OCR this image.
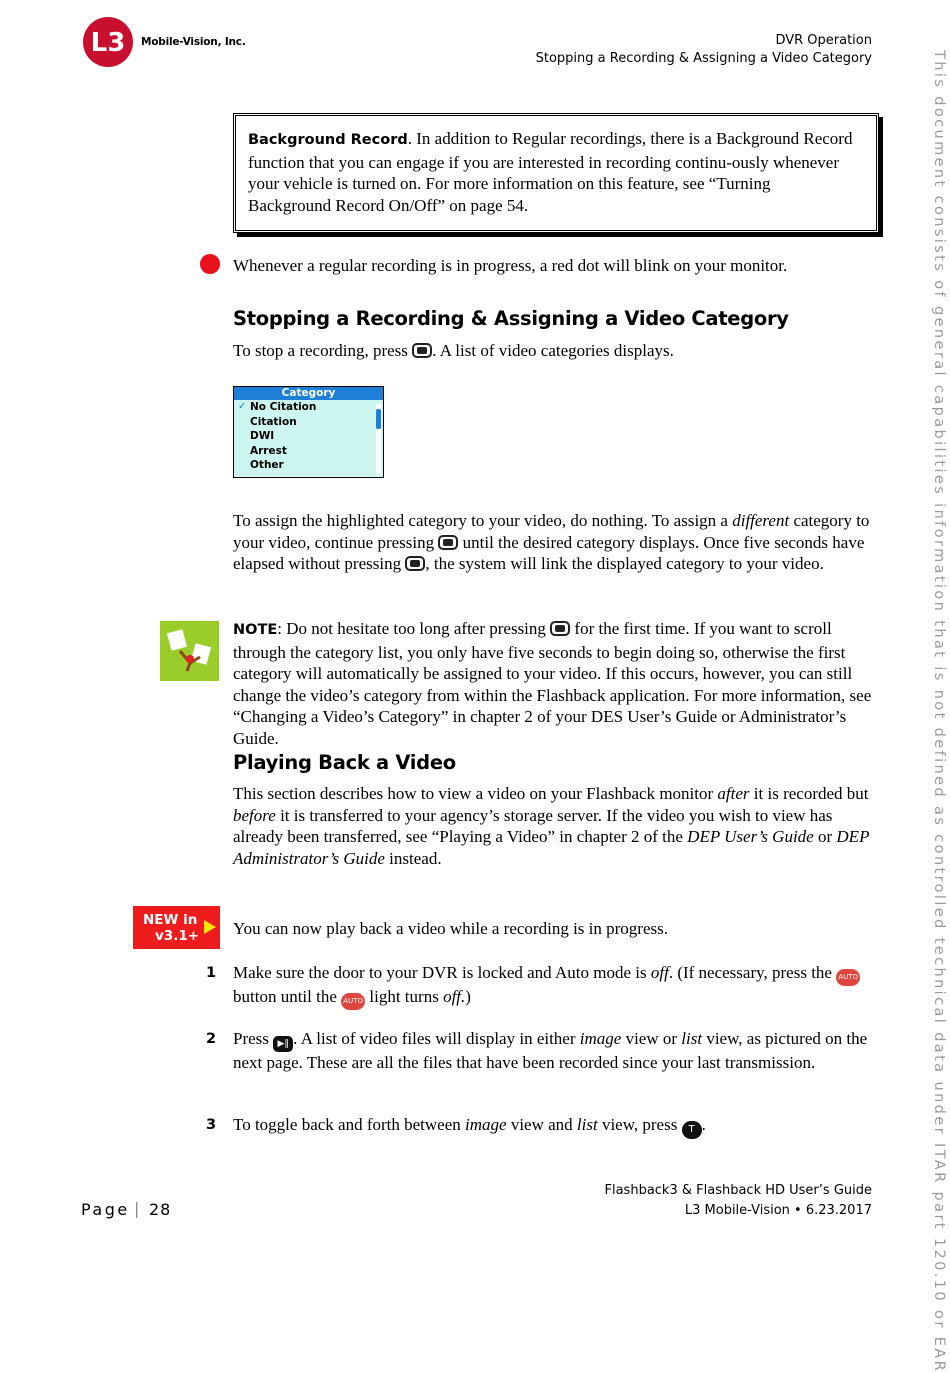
L3 Mobile-Vision, Inc.	DVR Operation
Stopping a Recording & Assigning a Video Category	This document consists of general capabilities information that is not defined as controlled technical data under ITAR part 120.10 or EAR
Background Record. In addition to Regular recordings, there is a Background Record function that you can engage if you are interested in recording continu-ously whenever your vehicle is turned on. For more information on this feature, see “Turning Background Record On/Off” on page 54.
Whenever a regular recording is in progress, a red dot will blink on your monitor.
Stopping a Recording & Assigning a Video Category
To stop a recording, press . A list of video categories displays.
Category
✓ No Citation
Citation
DWI
Arrest
Other
To assign the highlighted category to your video, do nothing. To assign a different category to your video, continue pressing  until the desired category displays. Once five seconds have elapsed without pressing , the system will link the displayed category to your video.
NOTE: Do not hesitate too long after pressing  for the first time. If you want to scroll through the category list, you only have five seconds to begin doing so, otherwise the first category will automatically be assigned to your video. If this occurs, however, you can still change the video’s category from within the Flashback application. For more information, see “Changing a Video’s Category” in chapter 2 of your DES User’s Guide or Administrator’s Guide.
Playing Back a Video
This section describes how to view a video on your Flashback monitor after it is recorded but before it is transferred to your agency’s storage server. If the video you wish to view has already been transferred, see “Playing a Video” in chapter 2 of the DEP User’s Guide or DEP Administrator’s Guide instead.
NEW in
v3.1+ You can now play back a video while a recording is in progress.
1 Make sure the door to your DVR is locked and Auto mode is off. (If necessary, press the AUTO button until the AUTO light turns off.)
2 Press ▶‖ . A list of video files will display in either image view or list view, as pictured on the next page. These are all the files that have been recorded since your last transmission.
3 To toggle back and forth between image view and list view, press T .
Flashback3 & Flashback HD User’s Guide
L3 Mobile-Vision • 6.23.2017
Page | 28
